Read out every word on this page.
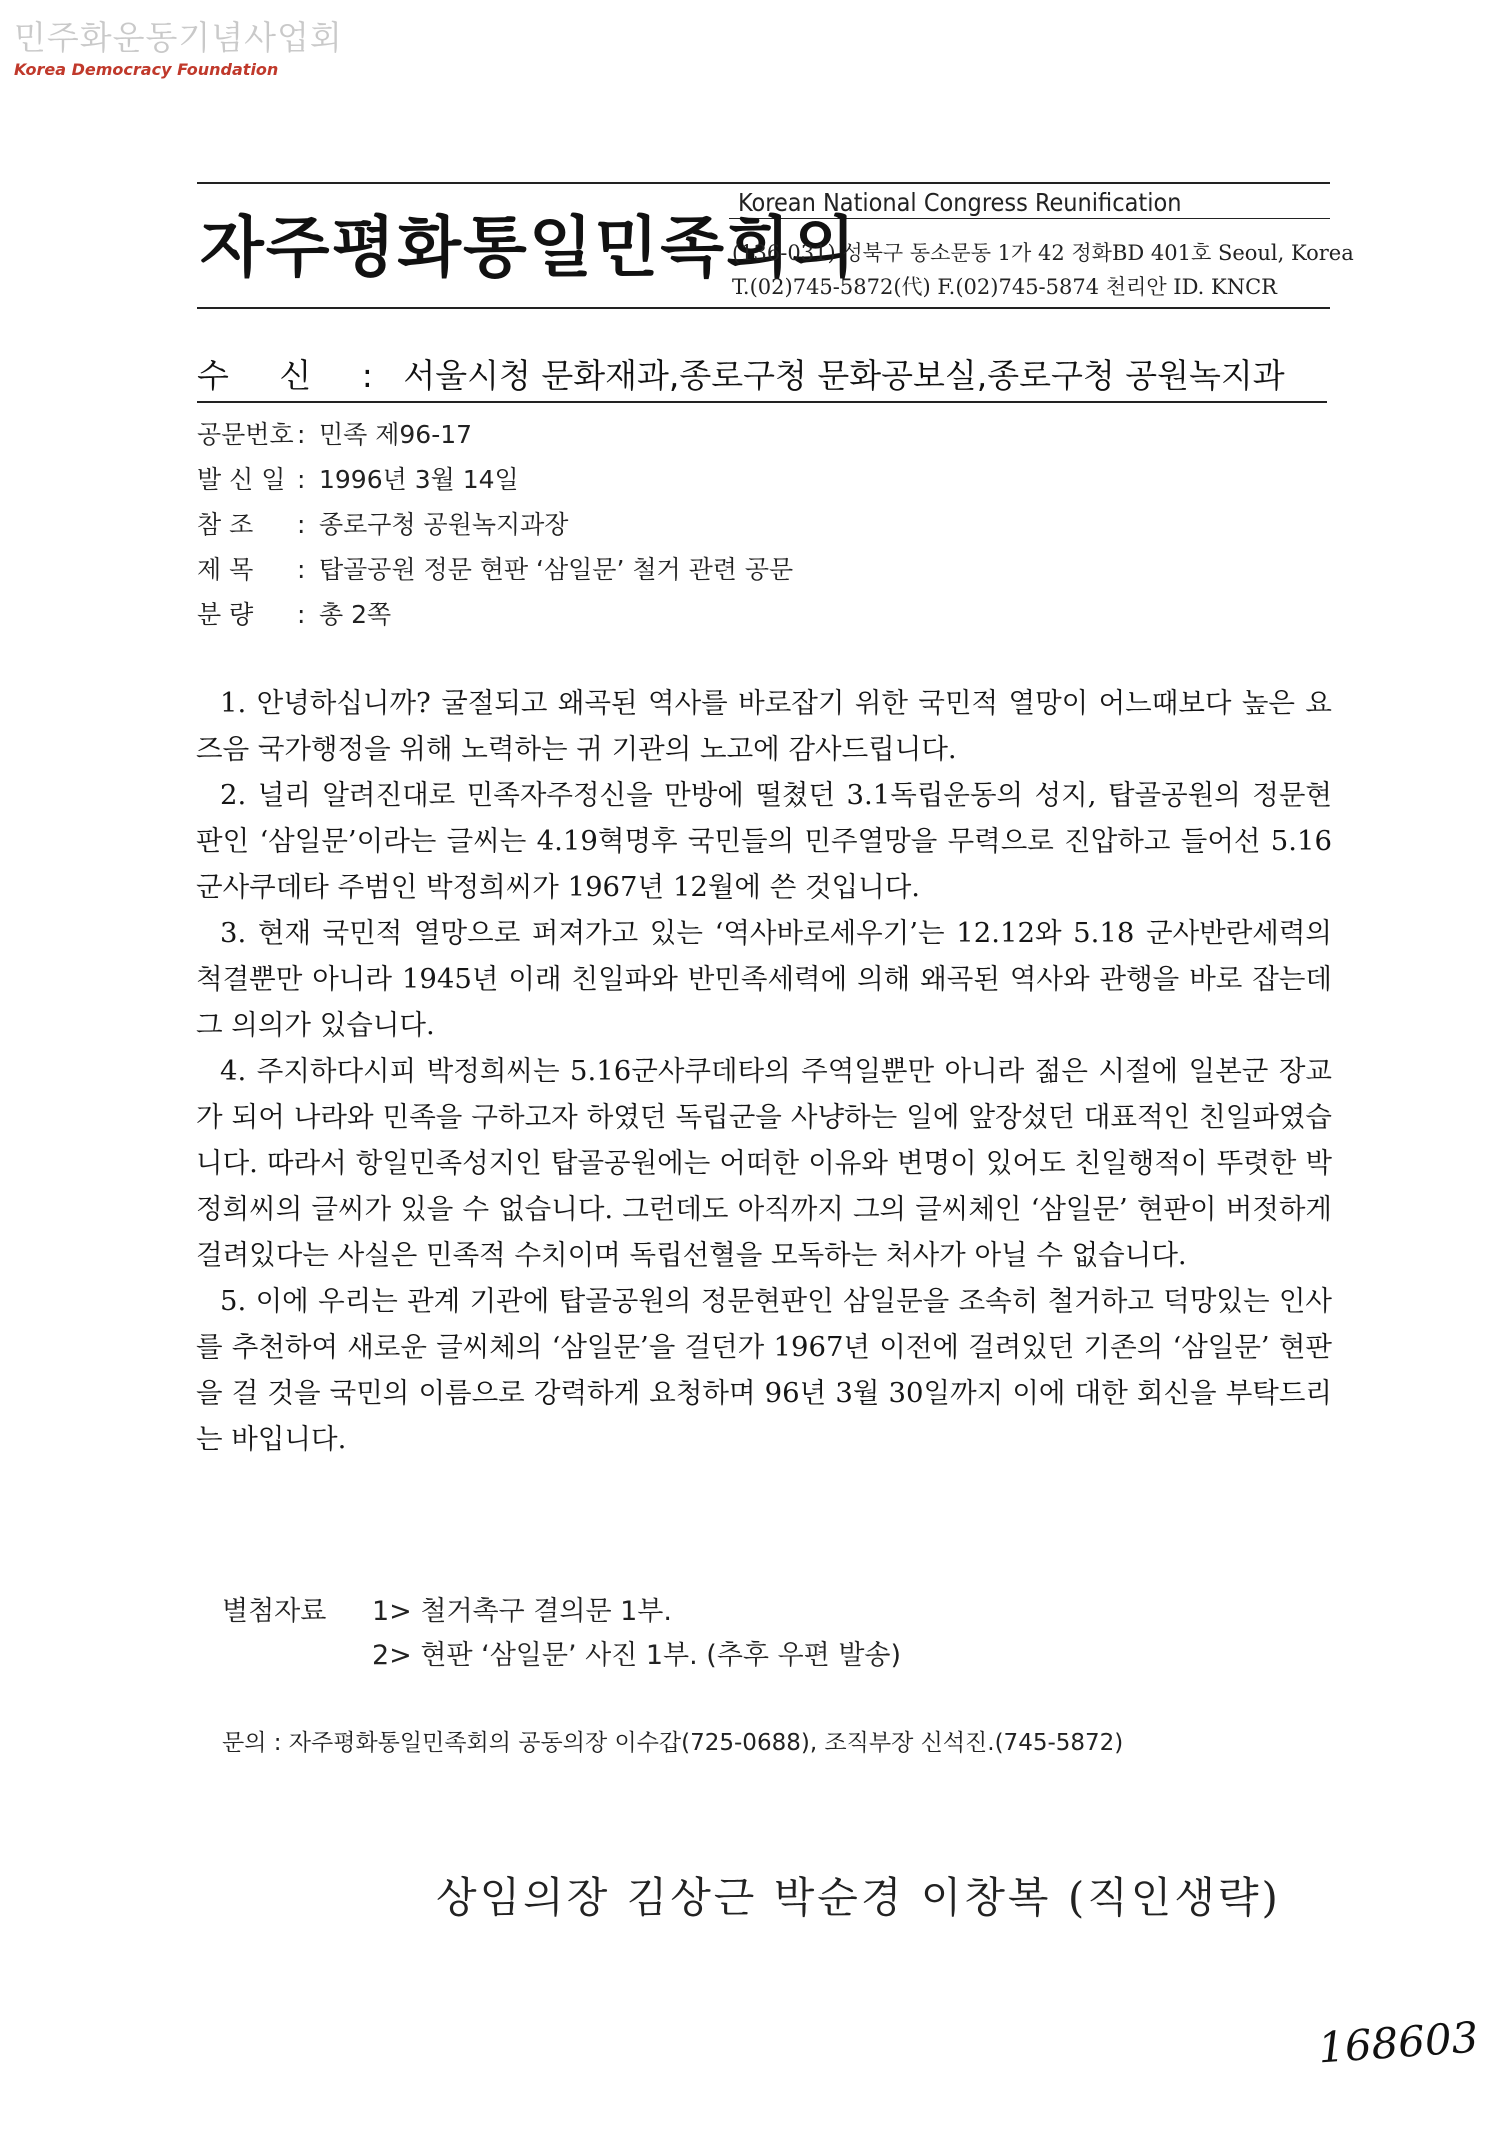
민주화운동기념사업회
Korea Democracy Foundation
자주평화통일민족회의
Korean National Congress Reunification
(136-031) 성북구 동소문동 1가 42 정화BD 401호 Seoul, Korea
T.(02)745-5872(代) F.(02)745-5874 천리안 ID. KNCR
수 신 : 서울시청 문화재과,종로구청 문화공보실,종로구청 공원녹지과
공문번호 : 민족 제96-17
발 신 일 : 1996년 3월 14일
참 조 : 종로구청 공원녹지과장
제 목 : 탑골공원 정문 현판 ‘삼일문’ 철거 관련 공문
분 량 : 총 2쪽

1. 안녕하십니까? 굴절되고 왜곡된 역사를 바로잡기 위한 국민적 열망이 어느때보다 높은 요즈음 국가행정을 위해 노력하는 귀 기관의 노고에 감사드립니다.

2. 널리 알려진대로 민족자주정신을 만방에 떨쳤던 3.1독립운동의 성지, 탑골공원의 정문현판인 ‘삼일문’이라는 글씨는 4.19혁명후 국민들의 민주열망을 무력으로 진압하고 들어선 5.16 군사쿠데타 주범인 박정희씨가 1967년 12월에 쓴 것입니다.

3. 현재 국민적 열망으로 퍼져가고 있는 ‘역사바로세우기’는 12.12와 5.18 군사반란세력의 척결뿐만 아니라 1945년 이래 친일파와 반민족세력에 의해 왜곡된 역사와 관행을 바로 잡는데 그 의의가 있습니다.

4. 주지하다시피 박정희씨는 5.16군사쿠데타의 주역일뿐만 아니라 젊은 시절에 일본군 장교가 되어 나라와 민족을 구하고자 하였던 독립군을 사냥하는 일에 앞장섰던 대표적인 친일파였습니다. 따라서 항일민족성지인 탑골공원에는 어떠한 이유와 변명이 있어도 친일행적이 뚜렷한 박정희씨의 글씨가 있을 수 없습니다. 그런데도 아직까지 그의 글씨체인 ‘삼일문’ 현판이 버젓하게 걸려있다는 사실은 민족적 수치이며 독립선혈을 모독하는 처사가 아닐 수 없습니다.

5. 이에 우리는 관계 기관에 탑골공원의 정문현판인 삼일문을 조속히 철거하고 덕망있는 인사를 추천하여 새로운 글씨체의 ‘삼일문’을 걸던가 1967년 이전에 걸려있던 기존의 ‘삼일문’ 현판을 걸 것을 국민의 이름으로 강력하게 요청하며 96년 3월 30일까지 이에 대한 회신을 부탁드리는 바입니다.

별첨자료 1> 철거촉구 결의문 1부.
2> 현판 ‘삼일문’ 사진 1부. (추후 우편 발송)
문의 : 자주평화통일민족회의 공동의장 이수갑(725-0688), 조직부장 신석진.(745-5872)
상임의장 김상근 박순경 이창복 (직인생략)
168603
